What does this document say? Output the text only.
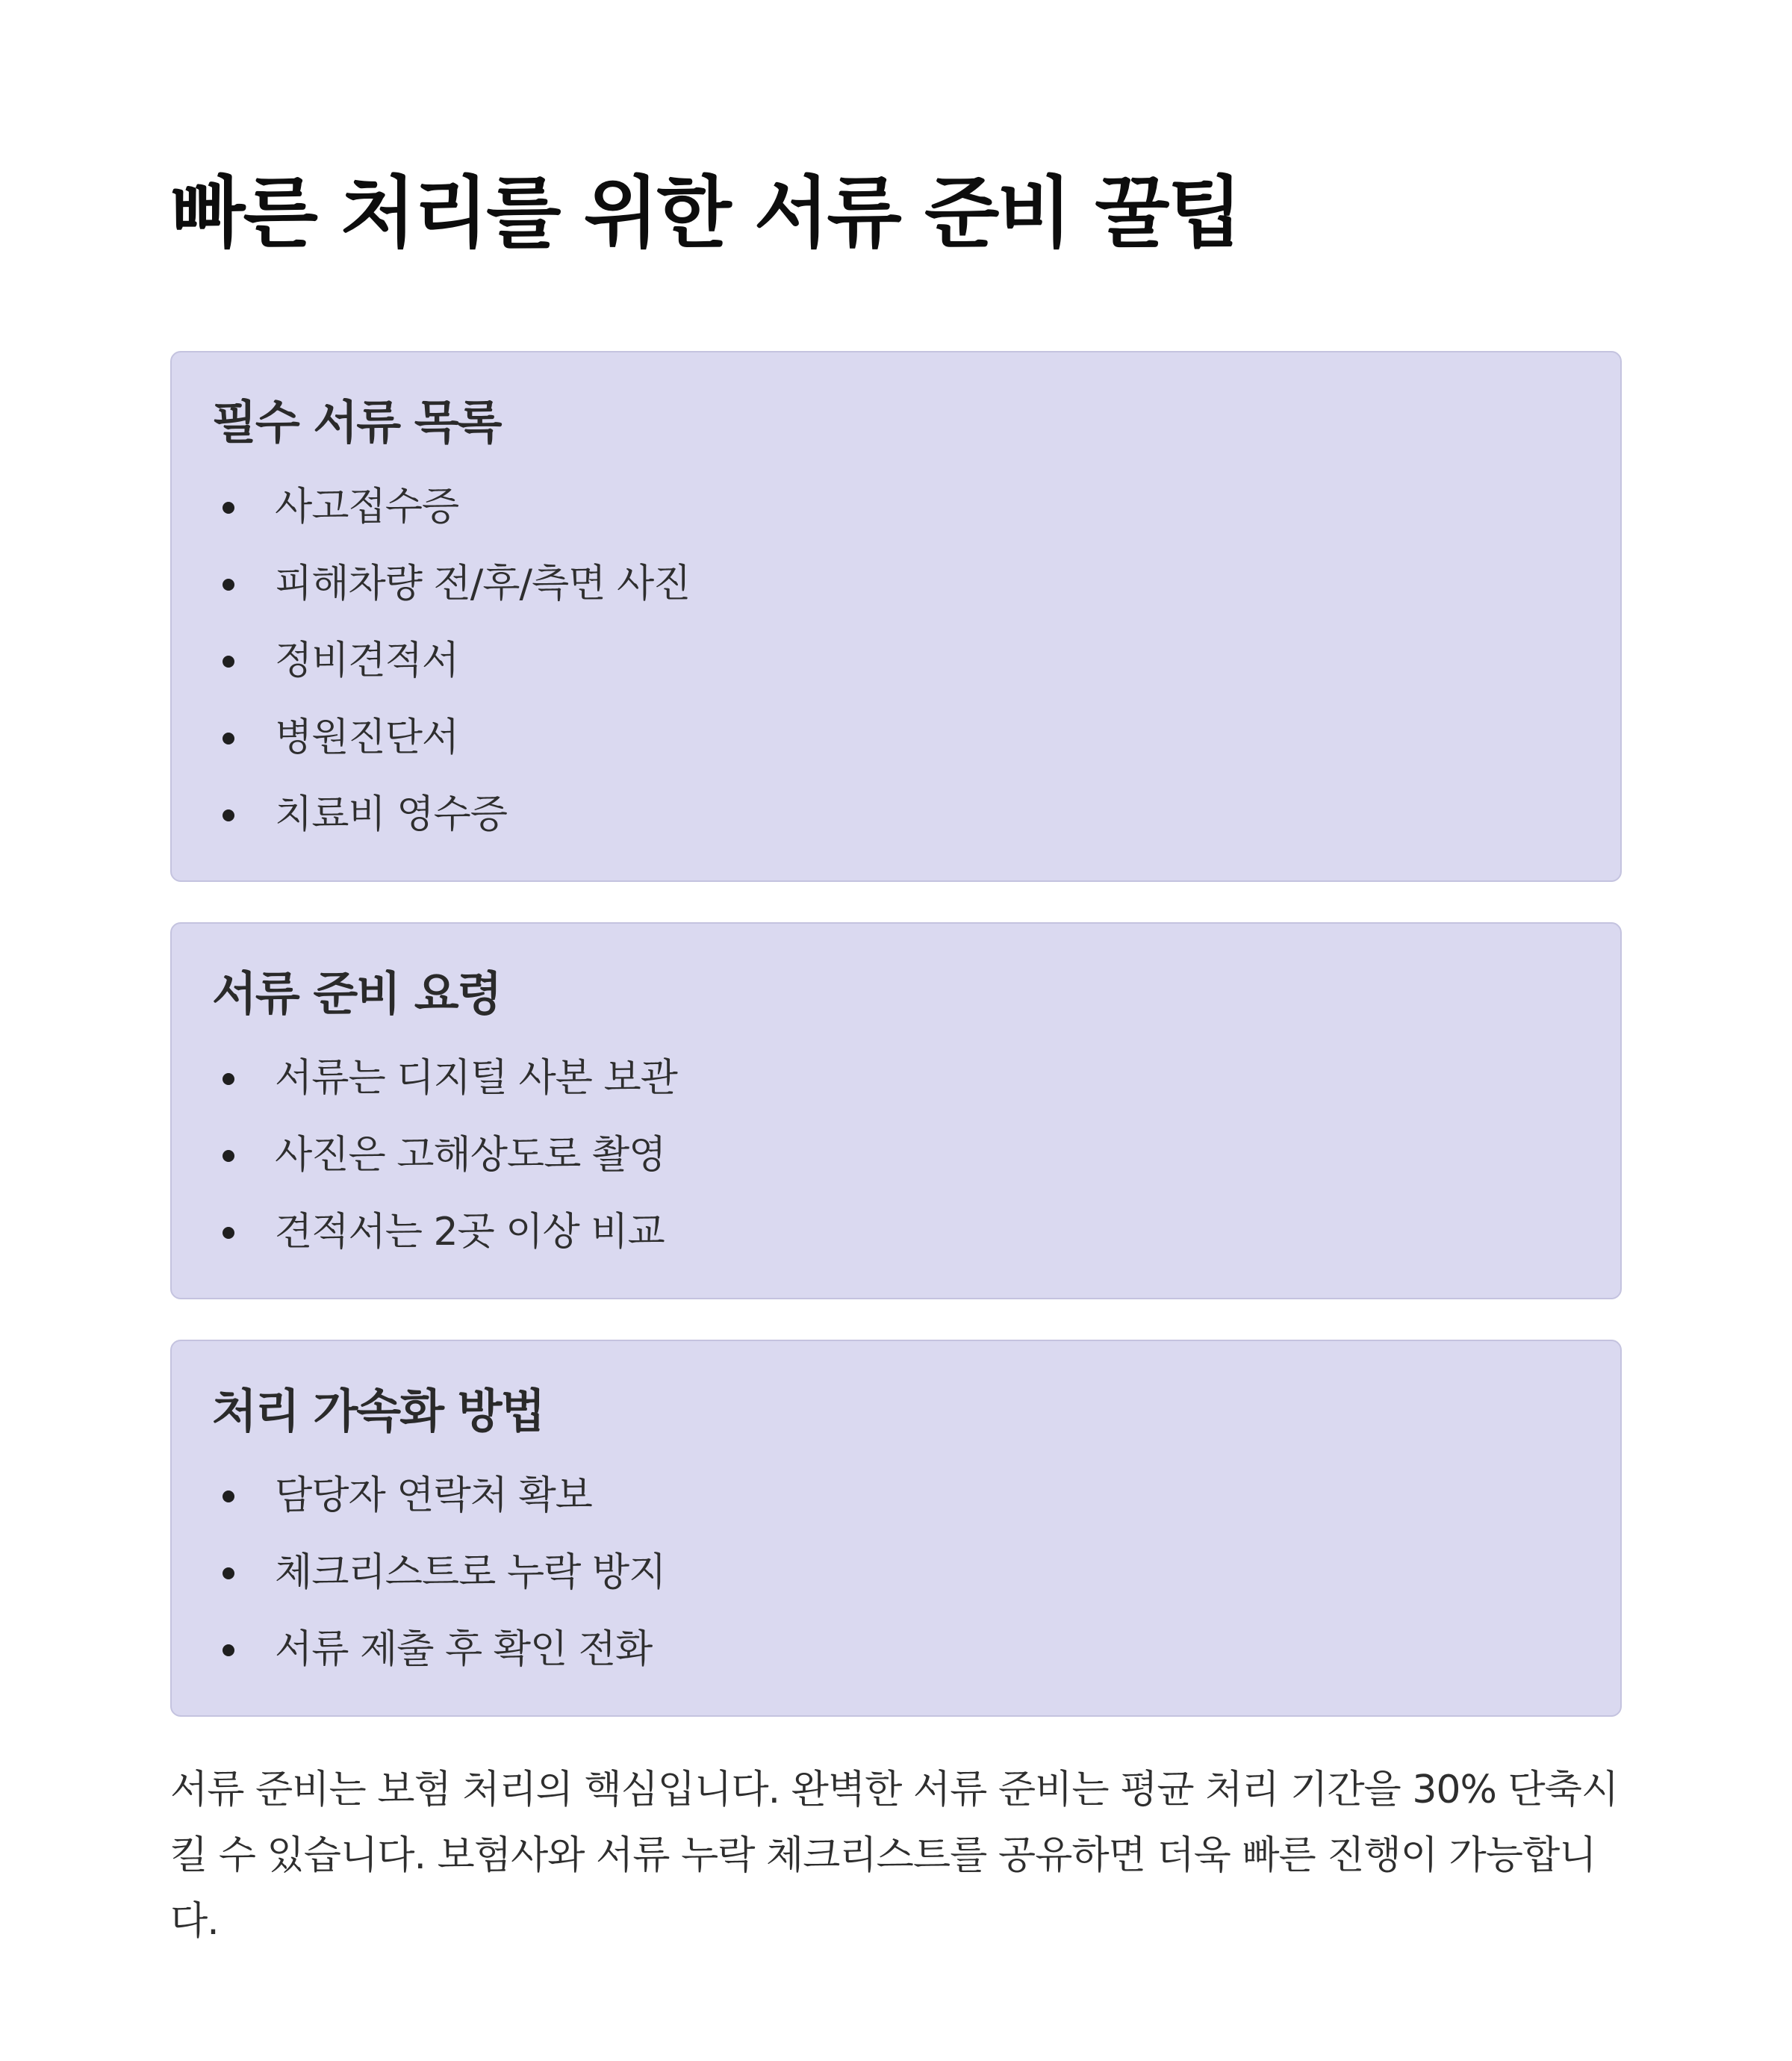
빠른 처리를 위한 서류 준비 꿀팁
필수 서류 목록
사고접수증
피해차량 전/후/측면 사진
정비견적서
병원진단서
치료비 영수증
서류 준비 요령
서류는 디지털 사본 보관
사진은 고해상도로 촬영
견적서는 2곳 이상 비교
처리 가속화 방법
담당자 연락처 확보
체크리스트로 누락 방지
서류 제출 후 확인 전화

서류 준비는 보험 처리의 핵심입니다. 완벽한 서류 준비는 평균 처리 기간을 30% 단축시킬 수 있습니다. 보험사와 서류 누락 체크리스트를 공유하면 더욱 빠른 진행이 가능합니다.
